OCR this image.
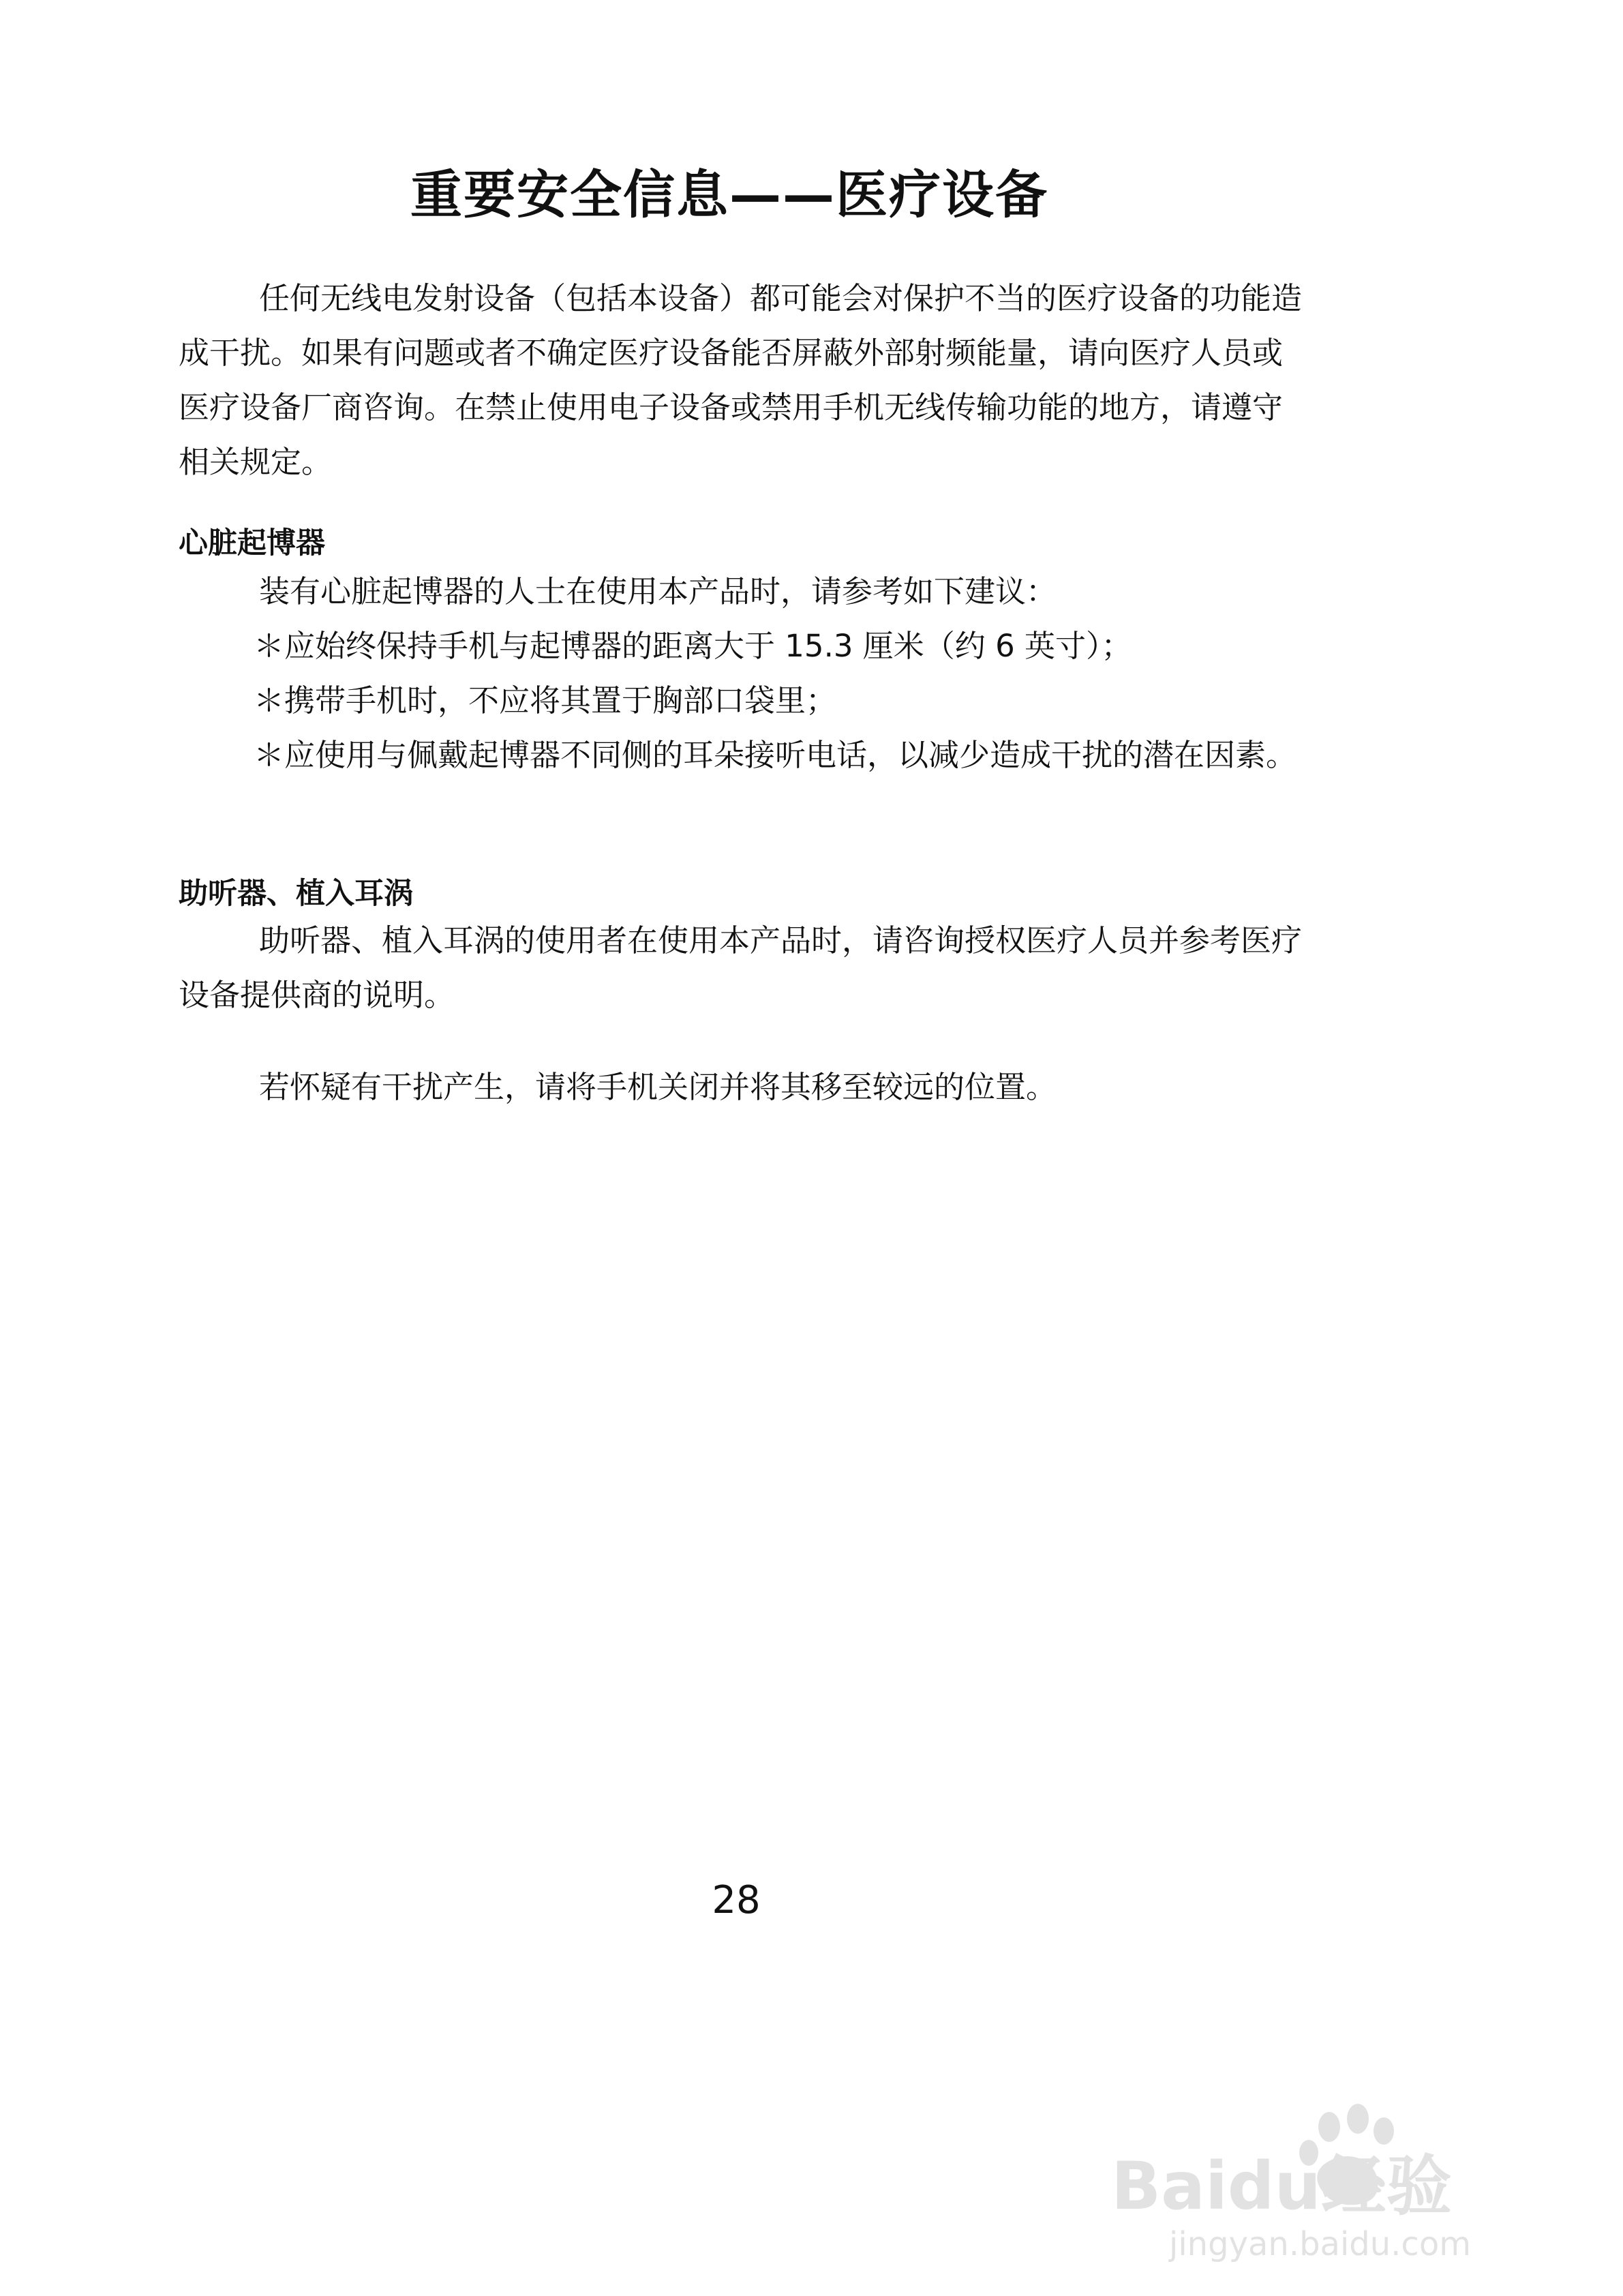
重要安全信息——医疗设备

任何无线电发射设备（包括本设备）都可能会对保护不当的医疗设备的功能造成干扰。如果有问题或者不确定医疗设备能否屏蔽外部射频能量，请向医疗人员或医疗设备厂商咨询。在禁止使用电子设备或禁用手机无线传输功能的地方，请遵守相关规定。

心脏起博器

装有心脏起博器的人士在使用本产品时，请参考如下建议：

＊应始终保持手机与起博器的距离大于 15.3 厘米（约 6 英寸）；

＊携带手机时，不应将其置于胸部口袋里；

＊应使用与佩戴起博器不同侧的耳朵接听电话，以减少造成干扰的潜在因素。

助听器、植入耳涡

助听器、植入耳涡的使用者在使用本产品时，请咨询授权医疗人员并参考医疗设备提供商的说明。

若怀疑有干扰产生，请将手机关闭并将其移至较远的位置。

28

Baidu经验
jingyan.baidu.com
